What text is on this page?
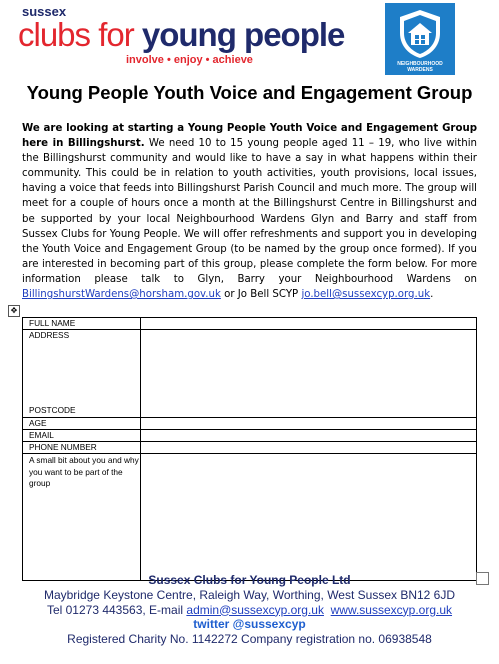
sussex
clubs for young people
involve • enjoy • achieve	NEIGHBOURHOOD WARDENS
Young People Youth Voice and Engagement Group
We are looking at starting a Young People Youth Voice and Engagement Group here in Billingshurst. We need 10 to 15 young people aged 11 – 19, who live within the Billingshurst community and would like to have a say in what happens within their community. This could be in relation to youth activities, youth provisions, local issues, having a voice that feeds into Billingshurst Parish Council and much more. The group will meet for a couple of hours once a month at the Billingshurst Centre in Billingshurst and be supported by your local Neighbourhood Wardens Glyn and Barry and staff from Sussex Clubs for Young People. We will offer refreshments and support you in developing the Youth Voice and Engagement Group (to be named by the group once formed). If you are interested in becoming part of this group, please complete the form below. For more information please talk to Glyn, Barry your Neighbourhood Wardens on BillingshurstWardens@horsham.gov.uk or Jo Bell SCYP jo.bell@sussexcyp.org.uk.
✥
FULL NAME	

ADDRESS
POSTCODE	

AGE	
EMAIL	
PHONE NUMBER	
A small bit about you and why you want to be part of the group	
Sussex Clubs for Young People Ltd
Maybridge Keystone Centre, Raleigh Way, Worthing, West Sussex BN12 6JD
Tel 01273 443563, E-mail admin@sussexcyp.org.uk www.sussexcyp.org.uk
twitter @sussexcyp
Registered Charity No. 1142272 Company registration no. 06938548
